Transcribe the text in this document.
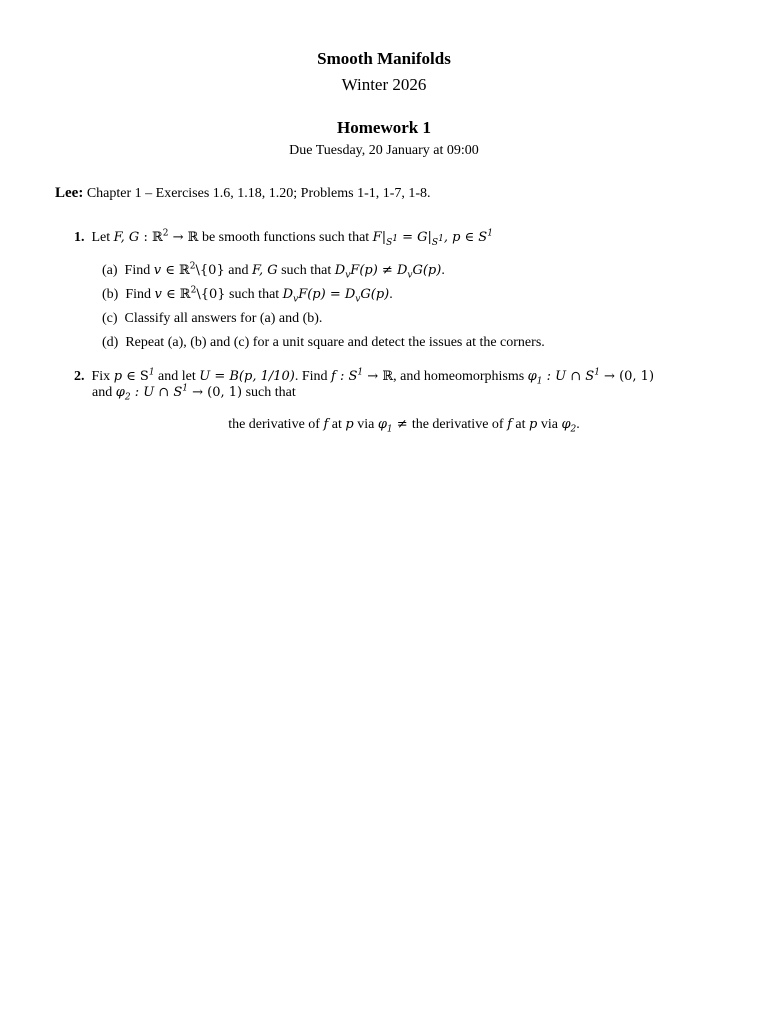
Smooth Manifolds
Winter 2026
Homework 1
Due Tuesday, 20 January at 09:00
Lee: Chapter 1 – Exercises 1.6, 1.18, 1.20; Problems 1-1, 1-7, 1-8.
1. Let F, G : ℝ$^2$ → ℝ be smooth functions such that $F|_{S^1} = G|_{S^1}$, p ∈ $S^1$
(a) Find v ∈ ℝ$^2$\{0} and F, G such that $D_vF(p) \ne D_vG(p)$.
(b) Find v ∈ ℝ$^2$\{0} such that $D_vF(p) = D_vG(p)$.
(c) Classify all answers for (a) and (b).
(d) Repeat (a), (b) and (c) for a unit square and detect the issues at the corners.
2. Fix p ∈ $S^1$ and let U = B(p, 1/10). Find f : $S^1$ → ℝ, and homeomorphisms $\varphi_1$ : U ∩ $S^1 \to (0$, 1)
and $\varphi_2$ : U ∩ $S^1 \to (0$, 1) such that
the derivative of f at p via $\varphi_1$ ≠ the derivative of f at p via $\varphi_2$.
